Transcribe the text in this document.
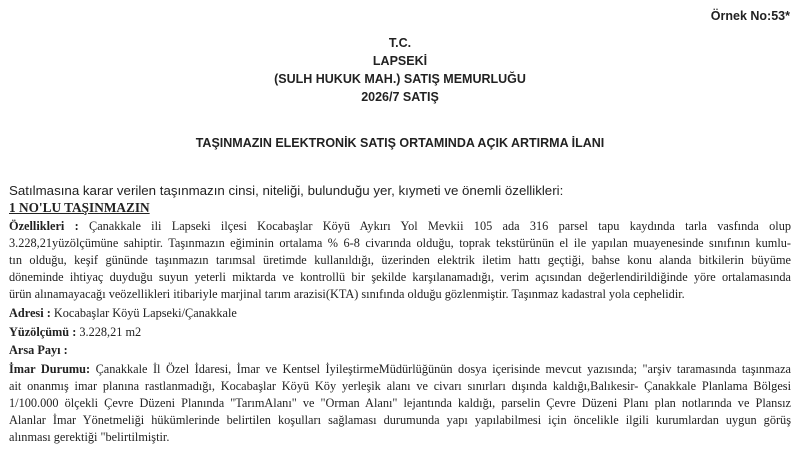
Örnek No:53*
T.C.
LAPSEKİ
(SULH HUKUK MAH.) SATIŞ MEMURLUĞU
2026/7 SATIŞ
TAŞINMAZIN ELEKTRONİK SATIŞ ORTAMINDA AÇIK ARTIRMA İLANI
Satılmasına karar verilen taşınmazın cinsi, niteliği, bulunduğu yer, kıymeti ve önemli özellikleri:
1 NO'LU TAŞINMAZIN
Özellikleri : Çanakkale ili Lapseki ilçesi Kocabaşlar Köyü Aykırı Yol Mevkii 105 ada 316 parsel tapu kaydında tarla vasfında olup
3.228,21yüzölçümüne sahiptir. Taşınmazın eğiminin ortalama % 6-8 civarında olduğu, toprak tekstürünün el ile yapılan muayenesinde sınıfının kumlu-
tın olduğu, keşif gününde taşınmazın tarımsal üretimde kullanıldığı, üzerinden elektrik iletim hattı geçtiği, bahse konu alanda bitkilerin büyüme
döneminde ihtiyaç duyduğu suyun yeterli miktarda ve kontrollü bir şekilde karşılanamadığı, verim açısından değerlendirildiğinde yöre ortalamasında
ürün alınamayacağı veözellikleri itibariyle marjinal tarım arazisi(KTA) sınıfında olduğu gözlenmiştir. Taşınmaz kadastral yola cephelidir.
Adresi : Kocabaşlar Köyü Lapseki/Çanakkale
Yüzölçümü : 3.228,21 m2
Arsa Payı :
İmar Durumu: Çanakkale İl Özel İdaresi, İmar ve Kentsel İyileştirmeMüdürlüğünün dosya içerisinde mevcut yazısında; "arşiv taramasında taşınmaza
ait onanmış imar planına rastlanmadığı, Kocabaşlar Köyü Köy yerleşik alanı ve civarı sınırları dışında kaldığı,Balıkesir- Çanakkale Planlama Bölgesi
1/100.000 ölçekli Çevre Düzeni Planında "TarımAlanı" ve "Orman Alanı" lejantında kaldığı, parselin Çevre Düzeni Planı plan notlarında ve Plansız
Alanlar İmar Yönetmeliği hükümlerinde belirtilen koşulları sağlaması durumunda yapı yapılabilmesi için öncelikle ilgili kurumlardan uygun görüş
alınması gerektiği "belirtilmiştir.
